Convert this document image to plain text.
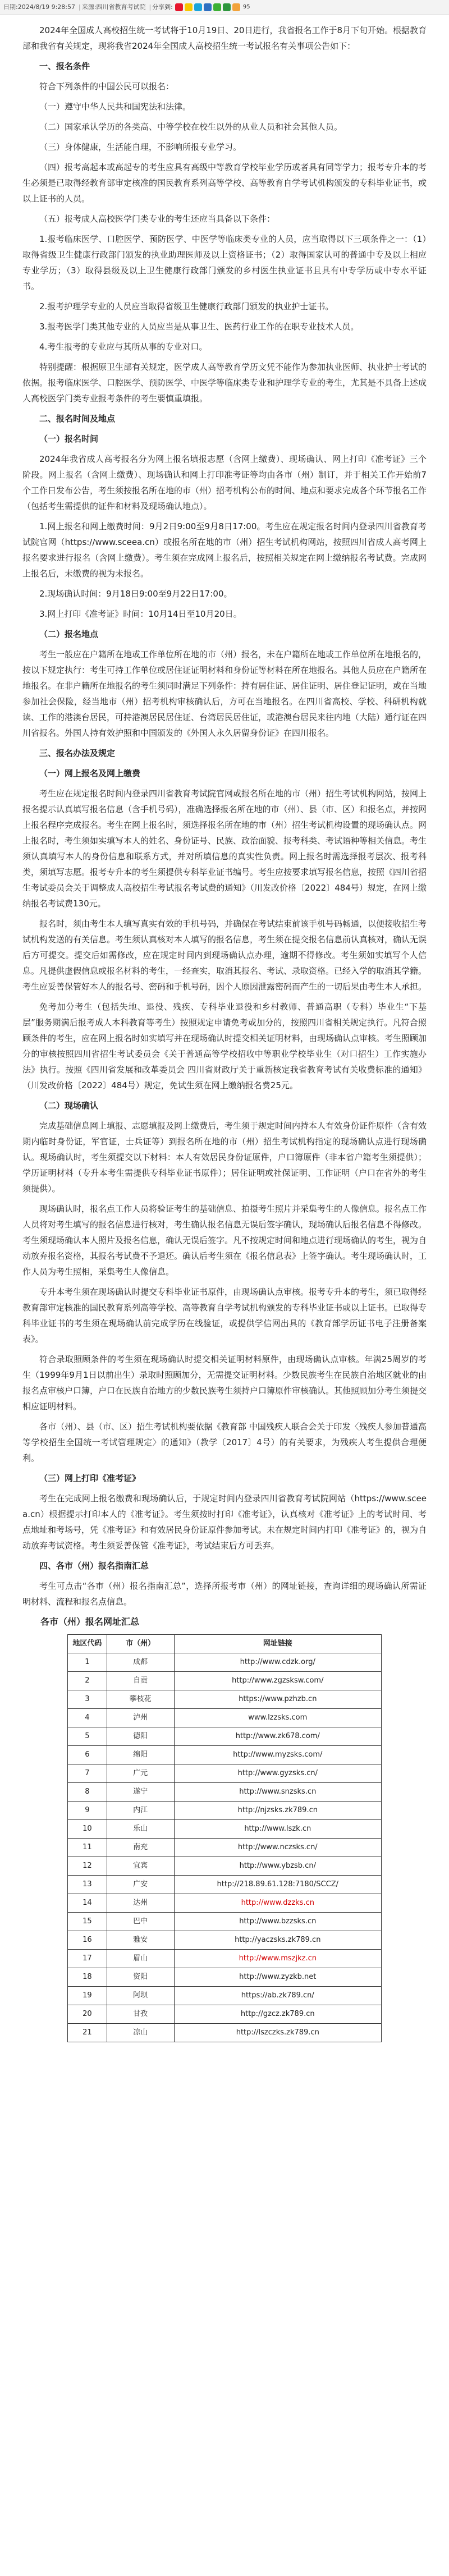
日期:2024/8/19 9:28:57 | 来源:四川省教育考试院 | 分享到:	95

2024年全国成人高校招生统一考试将于10月19日、20日进行，我省报名工作于8月下旬开始。根据教育部和我省有关规定，现将我省2024年全国成人高校招生统一考试报名有关事项公告如下：

一、报名条件

符合下列条件的中国公民可以报名：

（一）遵守中华人民共和国宪法和法律。

（二）国家承认学历的各类高、中等学校在校生以外的从业人员和社会其他人员。

（三）身体健康，生活能自理，不影响所报专业学习。

（四）报考高起本或高起专的考生应具有高级中等教育学校毕业学历或者具有同等学力；报考专升本的考生必须是已取得经教育部审定核准的国民教育系列高等学校、高等教育自学考试机构颁发的专科毕业证书，或以上证书的人员。

（五）报考成人高校医学门类专业的考生还应当具备以下条件：

1.报考临床医学、口腔医学、预防医学、中医学等临床类专业的人员，应当取得以下三项条件之一：（1）取得省级卫生健康行政部门颁发的执业助理医师及以上资格证书；（2）取得国家认可的普通中专及以上相应专业学历；（3）取得县级及以上卫生健康行政部门颁发的乡村医生执业证书且具有中专学历或中专水平证书。

2.报考护理学专业的人员应当取得省级卫生健康行政部门颁发的执业护士证书。

3.报考医学门类其他专业的人员应当是从事卫生、医药行业工作的在职专业技术人员。

4.考生报考的专业应与其所从事的专业对口。

特别提醒：根据原卫生部有关规定，医学成人高等教育学历文凭不能作为参加执业医师、执业护士考试的依据。报考临床医学、口腔医学、预防医学、中医学等临床类专业和护理学专业的考生，尤其是不具备上述成人高校医学门类专业报考条件的考生要慎重填报。

二、报名时间及地点

（一）报名时间

2024年我省成人高考报名分为网上报名填报志愿（含网上缴费）、现场确认、网上打印《准考证》三个阶段。网上报名（含网上缴费）、现场确认和网上打印准考证等均由各市（州）制订，并于相关工作开始前7个工作日发布公告，考生须按报名所在地的市（州）招考机构公布的时间、地点和要求完成各个环节报名工作（包括考生需提供的证件和材料及现场确认地点）。

1.网上报名和网上缴费时间：9月2日9:00至9月8日17:00。考生应在规定报名时间内登录四川省教育考试院官网（https://www.sceea.cn）或报名所在地的市（州）招生考试机构网站，按照四川省成人高考网上报名要求进行报名（含网上缴费）。考生须在完成网上报名后，按照相关规定在网上缴纳报名考试费。完成网上报名后，未缴费的视为未报名。

2.现场确认时间：9月18日9:00至9月22日17:00。

3.网上打印《准考证》时间：10月14日至10月20日。

（二）报名地点

考生一般应在户籍所在地或工作单位所在地的市（州）报名，未在户籍所在地或工作单位所在地报名的，按以下规定执行：考生可持工作单位或居住证证明材料和身份证等材料在所在地报名。其他人员应在户籍所在地报名。在非户籍所在地报名的考生须同时满足下列条件：持有居住证、居住证明、居住登记证明，或在当地参加社会保险，经当地市（州）招考机构审核确认后，方可在当地报名。在四川省高校、学校、科研机构就读、工作的港澳台居民，可持港澳居民居住证、台湾居民居住证，或港澳台居民来往内地（大陆）通行证在四川省报名。外国人持有效护照和中国颁发的《外国人永久居留身份证》在四川报名。

三、报名办法及规定

（一）网上报名及网上缴费

考生应在规定报名时间内登录四川省教育考试院官网或报名所在地的市（州）招生考试机构网站，按网上报名提示认真填写报名信息（含手机号码），准确选择报名所在地的市（州）、县（市、区）和报名点，并按网上报名程序完成报名。考生在网上报名时，须选择报名所在地的市（州）招生考试机构设置的现场确认点。网上报名时，考生须如实填写本人的姓名、身份证号、民族、政治面貌、报考科类、考试语种等相关信息。考生须认真填写本人的身份信息和联系方式，并对所填信息的真实性负责。网上报名时需选择报考层次、报考科类，须填写志愿。报考专升本的考生须提供专科毕业证书编号。考生应按要求填写报名信息，按照《四川省招生考试委员会关于调整成人高校招生考试报名考试费的通知》（川发改价格〔2022〕484号）规定，在网上缴纳报名考试费130元。

报名时，须由考生本人填写真实有效的手机号码，并确保在考试结束前该手机号码畅通，以便接收招生考试机构发送的有关信息。考生须认真核对本人填写的报名信息，考生须在提交报名信息前认真核对，确认无误后方可提交。提交后如需修改，应在规定时间内到现场确认点办理，逾期不得修改。考生须如实填写个人信息。凡提供虚假信息或报名材料的考生，一经查实，取消其报名、考试、录取资格。已经入学的取消其学籍。考生应妥善保管好本人的报名号、密码和手机号码，因个人原因泄露密码而产生的一切后果由考生本人承担。

免考加分考生（包括失地、退役、残疾、专科毕业退役和乡村教师、普通高职（专科）毕业生“下基层”服务期满后报考成人本科教育等考生）按照规定申请免考或加分的，按照四川省相关规定执行。凡符合照顾条件的考生，应在网上报名时如实填写并在现场确认时提交相关证明材料，由现场确认点审核。考生照顾加分的审核按照四川省招生考试委员会《关于普通高等学校招收中等职业学校毕业生（对口招生）工作实施办法》执行。按照《四川省发展和改革委员会 四川省财政厅关于重新核定我省教育考试有关收费标准的通知》（川发改价格〔2022〕484号）规定，免试生须在网上缴纳报名费25元。

（二）现场确认

完成基础信息网上填报、志愿填报及网上缴费后，考生须于规定时间内持本人有效身份证件原件（含有效期内临时身份证，军官证，士兵证等）到报名所在地的市（州）招生考试机构指定的现场确认点进行现场确认。现场确认时，考生须提交以下材料：本人有效居民身份证原件，户口簿原件（非本省户籍考生须提供）；学历证明材料（专升本考生需提供专科毕业证书原件）；居住证明或社保证明、工作证明（户口在省外的考生须提供）。

现场确认时，报名点工作人员将验证考生的基础信息、拍摄考生照片并采集考生的人像信息。报名点工作人员将对考生填写的报名信息进行核对，考生确认报名信息无误后签字确认，现场确认后报名信息不得修改。考生须现场确认本人照片及报名信息，确认无误后签字。凡不按规定时间和地点进行现场确认的考生，视为自动放弃报名资格，其报名考试费不予退还。确认后考生须在《报名信息表》上签字确认。考生现场确认时，工作人员为考生照相，采集考生人像信息。

专升本考生须在现场确认时提交专科毕业证书原件，由现场确认点审核。报考专升本的考生，须已取得经教育部审定核准的国民教育系列高等学校、高等教育自学考试机构颁发的专科毕业证书或以上证书。已取得专科毕业证书的考生须在现场确认前完成学历在线验证，或提供学信网出具的《教育部学历证书电子注册备案表》。

符合录取照顾条件的考生须在现场确认时提交相关证明材料原件，由现场确认点审核。年满25周岁的考生（1999年9月1日以前出生）录取时照顾加分，无需提交证明材料。少数民族考生在民族自治地区就业的由报名点审核户口簿，户口在民族自治地方的少数民族考生须持户口簿原件审核确认。其他照顾加分考生须提交相应证明材料。

各市（州）、县（市、区）招生考试机构要依据《教育部 中国残疾人联合会关于印发〈残疾人参加普通高等学校招生全国统一考试管理规定〉的通知》（教学〔2017〕4号）的有关要求，为残疾人考生提供合理便利。

（三）网上打印《准考证》

考生在完成网上报名缴费和现场确认后，于规定时间内登录四川省教育考试院网站（https://www.sceea.cn）根据提示打印本人的《准考证》。考生须按时打印《准考证》，认真核对《准考证》上的考试时间、考点地址和考场号，凭《准考证》和有效居民身份证原件参加考试。未在规定时间内打印《准考证》的，视为自动放弃考试资格。考生须妥善保管《准考证》，考试结束后方可丢弃。

四、各市（州）报名指南汇总

考生可点击“各市（州）报名指南汇总”，选择所报考市（州）的网址链接，查询详细的现场确认所需证明材料、流程和报名点信息。

各市（州）报名网址汇总

地区代码	市（州）	网址链接
1	成都	http://www.cdzk.org/
2	自贡	http://www.zgzsksw.com/
3	攀枝花	https://www.pzhzb.cn
4	泸州	www.lzzsks.com
5	德阳	http://www.zk678.com/
6	绵阳	http://www.myzsks.com/
7	广元	http://www.gyzsks.cn/
8	遂宁	http://www.snzsks.cn
9	内江	http://njzsks.zk789.cn
10	乐山	http://www.lszk.cn
11	南充	http://www.nczsks.cn/
12	宜宾	http://www.ybzsb.cn/
13	广安	http://218.89.61.128:7180/SCCZ/
14	达州	http://www.dzzks.cn
15	巴中	http://www.bzzsks.cn
16	雅安	http://yaczsks.zk789.cn
17	眉山	http://www.mszjkz.cn
18	资阳	http://www.zyzkb.net
19	阿坝	https://ab.zk789.cn/
20	甘孜	http://gzcz.zk789.cn
21	凉山	http://lszczks.zk789.cn
